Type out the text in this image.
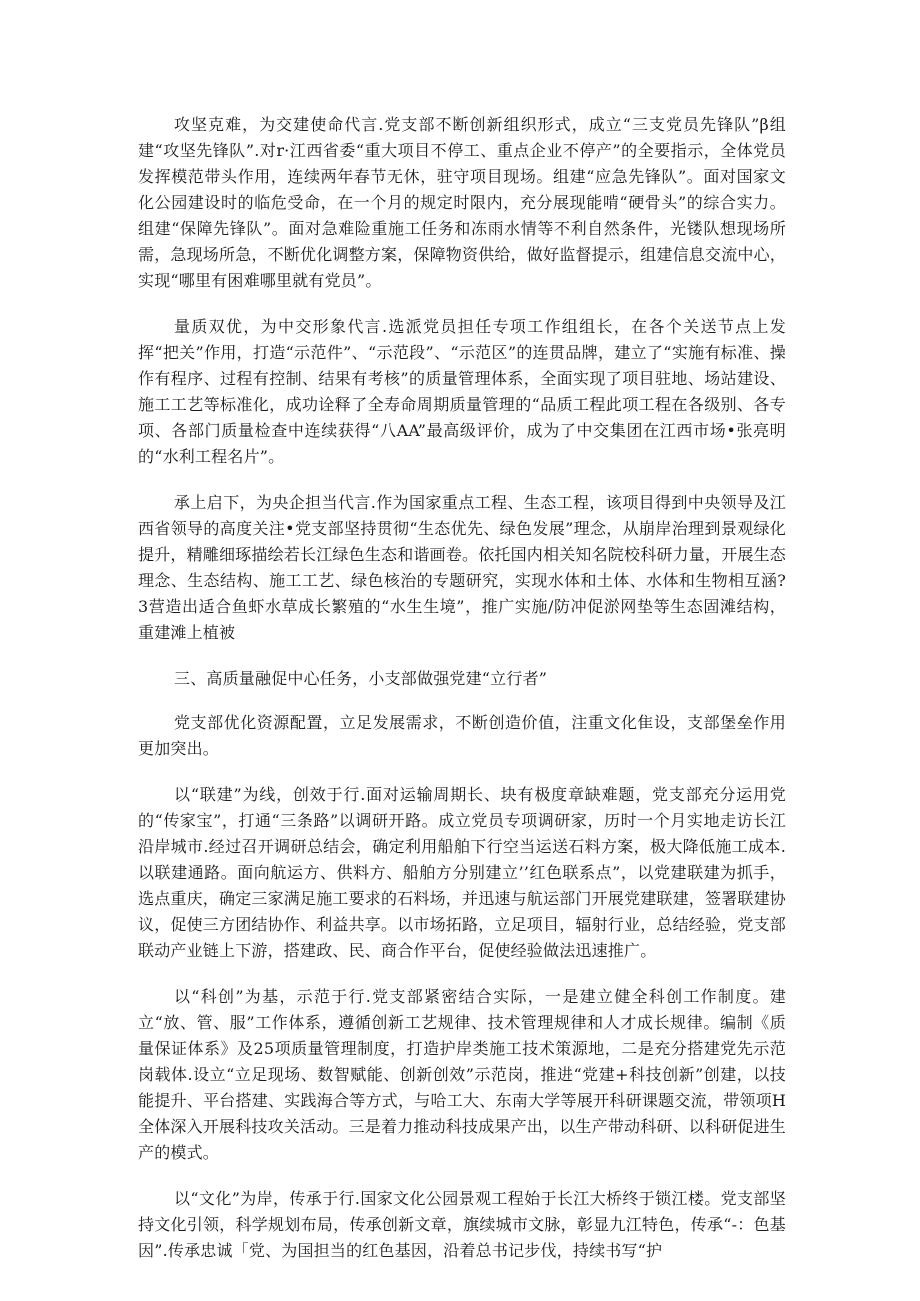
攻坚克难，为交建使命代言.党支部不断创新组织形式，成立“三支党员先锋队”β组建“攻坚先锋队”.对r·江西省委“重大项目不停工、重点企业不停产”的全要指示，全体党员发挥模范带头作用，连续两年春节无休，驻守项目现场。组建“应急先锋队”。面对国家文化公园建设时的临危受命，在一个月的规定时限内，充分展现能啃“硬骨头”的综合实力。组建“保障先锋队”。面对急难险重施工任务和冻雨水情等不利自然条件，光镂队想现场所需，急现场所急，不断优化调整方案，保障物资供给，做好监督提示，组建信息交流中心，实现“哪里有困难哪里就有党员”。

量质双优，为中交形象代言.选派党员担任专项工作组组长，在各个关送节点上发挥“把关”作用，打造“示范件”、“示范段”、“示范区”的连贯品牌，建立了“实施有标准、操作有程序、过程有控制、结果有考核”的质量管理体系，全面实现了项目驻地、场站建设、施工工艺等标准化，成功诠释了全寿命周期质量管理的“品质工程此项工程在各级别、各专项、各部门质量检查中连续获得“八AA”最高级评价，成为了中交集团在江西市场•张亮明的“水利工程名片”。

承上启下，为央企担当代言.作为国家重点工程、生态工程，该项目得到中央领导及江西省领导的高度关注•党支部坚持贯彻“生态优先、绿色发展”理念，从崩岸治理到景观绿化提升，精雕细琢描绘若长江绿色生态和谐画卷。依托国内相关知名院校科研力量，开展生态理念、生态结构、施工工艺、绿色核治的专题研究，实现水体和土体、水体和生物相互涵?3营造出适合鱼虾水草成长繁殖的“水生生境”，推广实施/防冲促淤网垫等生态固滩结构，重建滩上植被

三、高质量融促中心任务，小支部做强党建“立行者”

党支部优化资源配置，立足发展需求，不断创造价值，注重文化隹设，支部堡垒作用更加突出。

以“联建”为线，创效于行.面对运输周期长、块有极度章缺难题，党支部充分运用党的“传家宝”，打通“三条路”以调研开路。成立党员专项调研家，历时一个月实地走访长江沿岸城市.经过召开调研总结会，确定利用船舶下行空当运送石料方案，极大降低施工成本.以联建通路。面向航运方、供料方、船舶方分别建立’’红色联系点”，以党建联建为抓手，选点重庆，确定三家满足施工要求的石料场，并迅速与航运部门开展党建联建，签署联建协议，促使三方团结协作、利益共享。以市场拓路，立足项目，辐射行业，总结经验，党支部联动产业链上下游，搭建政、民、商合作平台，促使经验做法迅速推广。

以“科创”为基，示范于行.党支部紧密结合实际，一是建立健全科创工作制度。建立“放、管、服”工作体系，遵循创新工艺规律、技术管理规律和人才成长规律。编制《质量保证体系》及25项质量管理制度，打造护岸类施工技术策源地，二是充分搭建党先示范岗载体.设立“立足现场、数智赋能、创新创效”示范岗，推进“党建+科技创新”创建，以技能提升、平台搭建、实践海合等方式，与哈工大、东南大学等展开科研课题交流，带领项H全体深入开展科技攻关活动。三是着力推动科技成果产出，以生产带动科研、以科研促进生产的模式。

以“文化”为岸，传承于行.国家文化公园景观工程始于长江大桥终于锁江楼。党支部坚持文化引领，科学规划布局，传承创新文章，旗续城市文脉，彰显九江特色，传承“-：色基因”.传承忠诚「党、为国担当的红色基因，沿着总书记步伐，持续书写“护
